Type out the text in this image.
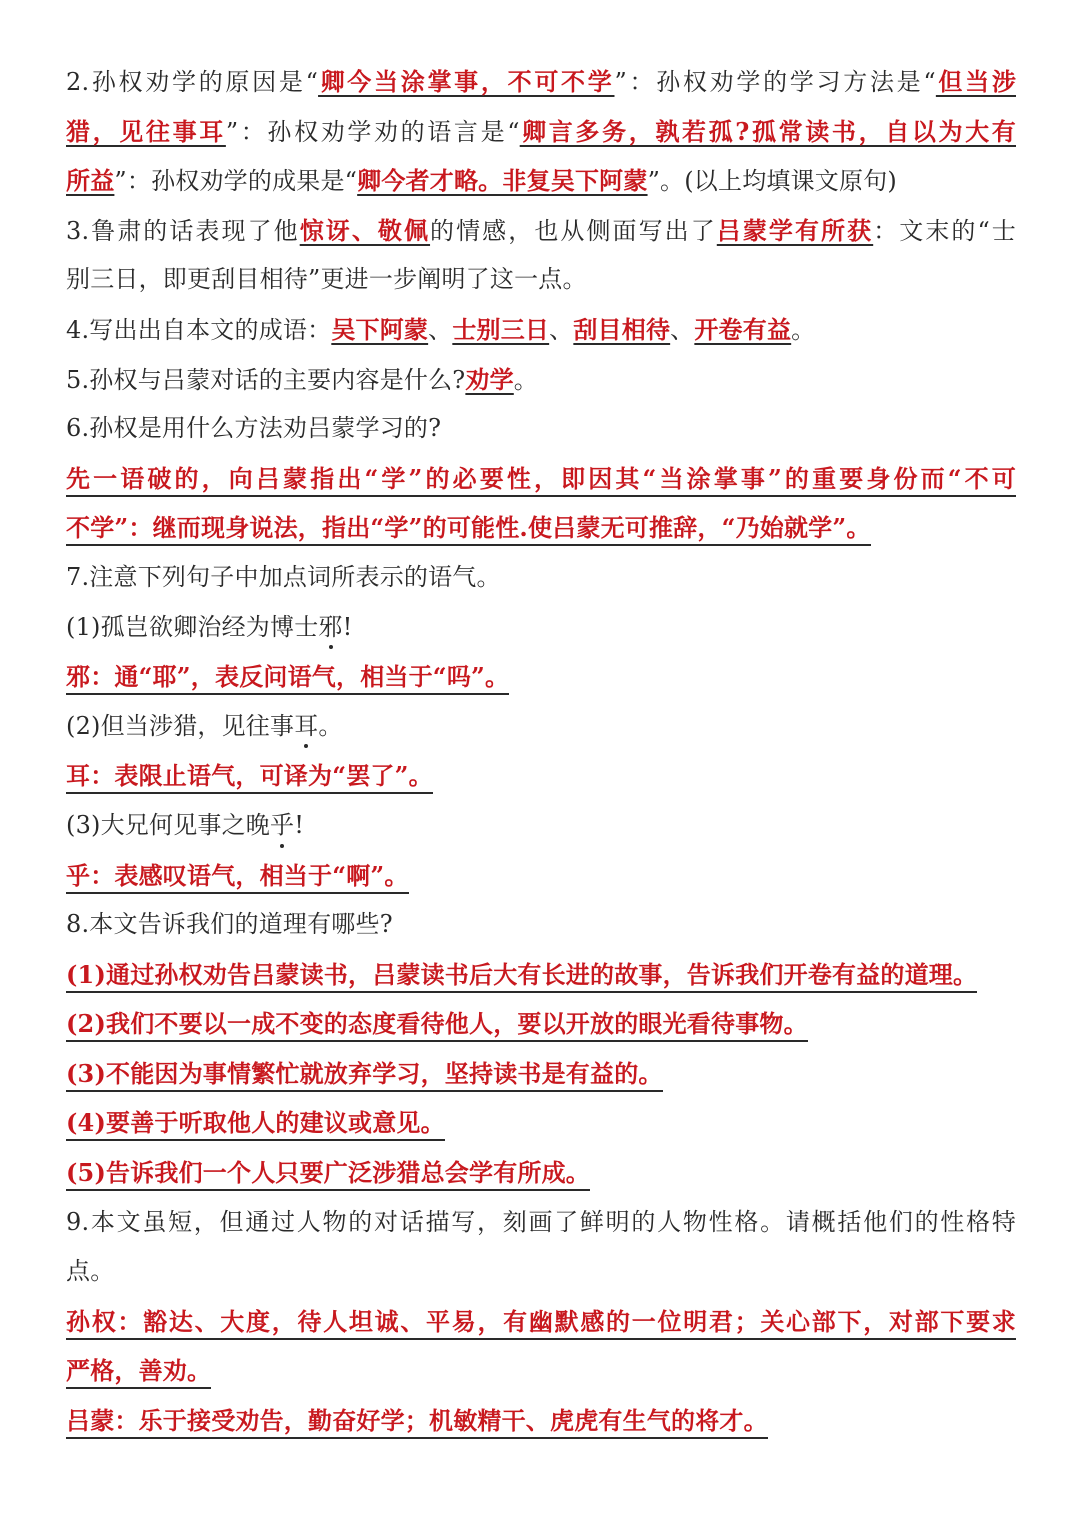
2.孙权劝学的原因是“卿今当涂掌事，不可不学”：孙权劝学的学习方法是“但当涉
猎，见往事耳”：孙权劝学劝的语言是“卿言多务，孰若孤?孤常读书，自以为大有
所益”：孙权劝学的成果是“卿今者才略。非复吴下阿蒙”。(以上均填课文原句)
3.鲁肃的话表现了他惊讶、敬佩的情感，也从侧面写出了吕蒙学有所获：文末的“士
别三日，即更刮目相待”更进一步阐明了这一点。
4.写出出自本文的成语：吴下阿蒙、士别三日、刮目相待、开卷有益。
5.孙权与吕蒙对话的主要内容是什么?劝学。
6.孙权是用什么方法劝吕蒙学习的?
先一语破的，向吕蒙指出“学”的必要性，即因其“当涂掌事”的重要身份而“不可
不学”：继而现身说法，指出“学”的可能性.使吕蒙无可推辞，“乃始就学”。
7.注意下列句子中加点词所表示的语气。
(1)孤岂欲卿治经为博士邪!
邪：通“耶”，表反问语气，相当于“吗”。
(2)但当涉猎，见往事耳。
耳：表限止语气，可译为“罢了”。
(3)大兄何见事之晚乎!
乎：表感叹语气，相当于“啊”。
8.本文告诉我们的道理有哪些?
(1)通过孙权劝告吕蒙读书，吕蒙读书后大有长进的故事，告诉我们开卷有益的道理。
(2)我们不要以一成不变的态度看待他人，要以开放的眼光看待事物。
(3)不能因为事情繁忙就放弃学习，坚持读书是有益的。
(4)要善于听取他人的建议或意见。
(5)告诉我们一个人只要广泛涉猎总会学有所成。
9.本文虽短，但通过人物的对话描写，刻画了鲜明的人物性格。请概括他们的性格特
点。
孙权：豁达、大度，待人坦诚、平易，有幽默感的一位明君；关心部下，对部下要求
严格，善劝。
吕蒙：乐于接受劝告，勤奋好学；机敏精干、虎虎有生气的将才。
